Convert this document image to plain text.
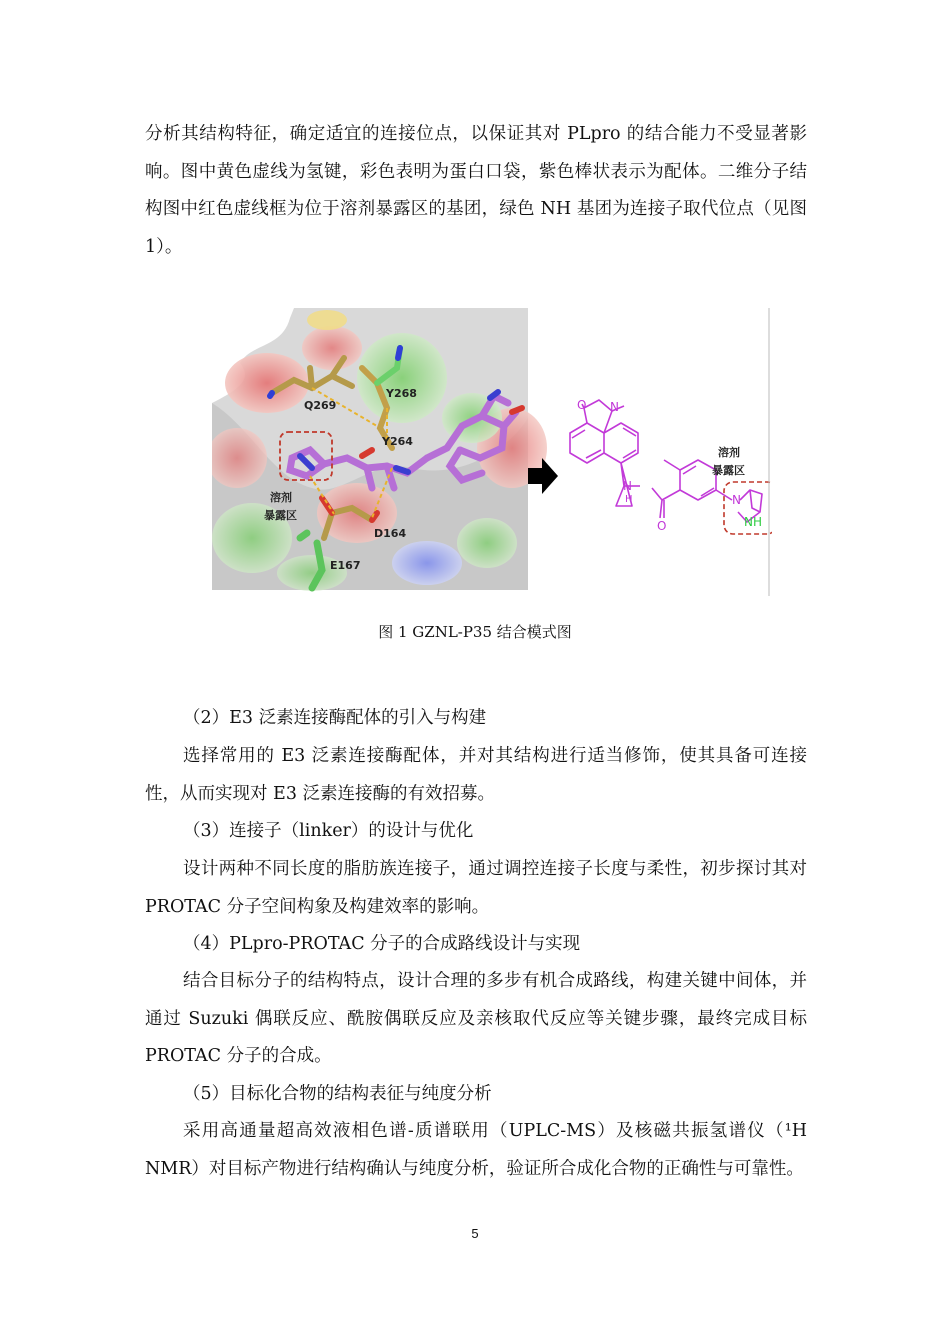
分析其结构特征，确定适宜的连接位点，以保证其对 PLpro 的结合能力不受显著影响。图中黄色虚线为氢键，彩色表明为蛋白口袋，紫色棒状表示为配体。二维分子结构图中红色虚线框为位于溶剂暴露区的基团，绿色 NH 基团为连接子取代位点（见图 1）。

Q269
Y268
Y264
D164
E167
溶剂
暴露区
O N
N
H
O
N
NH
溶剂
暴露区
图 1 GZNL-P35 结合模式图

（2）E3 泛素连接酶配体的引入与构建

选择常用的 E3 泛素连接酶配体，并对其结构进行适当修饰，使其具备可连接性，从而实现对 E3 泛素连接酶的有效招募。

（3）连接子（linker）的设计与优化

设计两种不同长度的脂肪族连接子，通过调控连接子长度与柔性，初步探讨其对 PROTAC 分子空间构象及构建效率的影响。

（4）PLpro-PROTAC 分子的合成路线设计与实现

结合目标分子的结构特点，设计合理的多步有机合成路线，构建关键中间体，并通过 Suzuki 偶联反应、酰胺偶联反应及亲核取代反应等关键步骤，最终完成目标 PROTAC 分子的合成。

（5）目标化合物的结构表征与纯度分析

采用高通量超高效液相色谱-质谱联用（UPLC-MS）及核磁共振氢谱仪（¹H NMR）对目标产物进行结构确认与纯度分析，验证所合成化合物的正确性与可靠性。

5
